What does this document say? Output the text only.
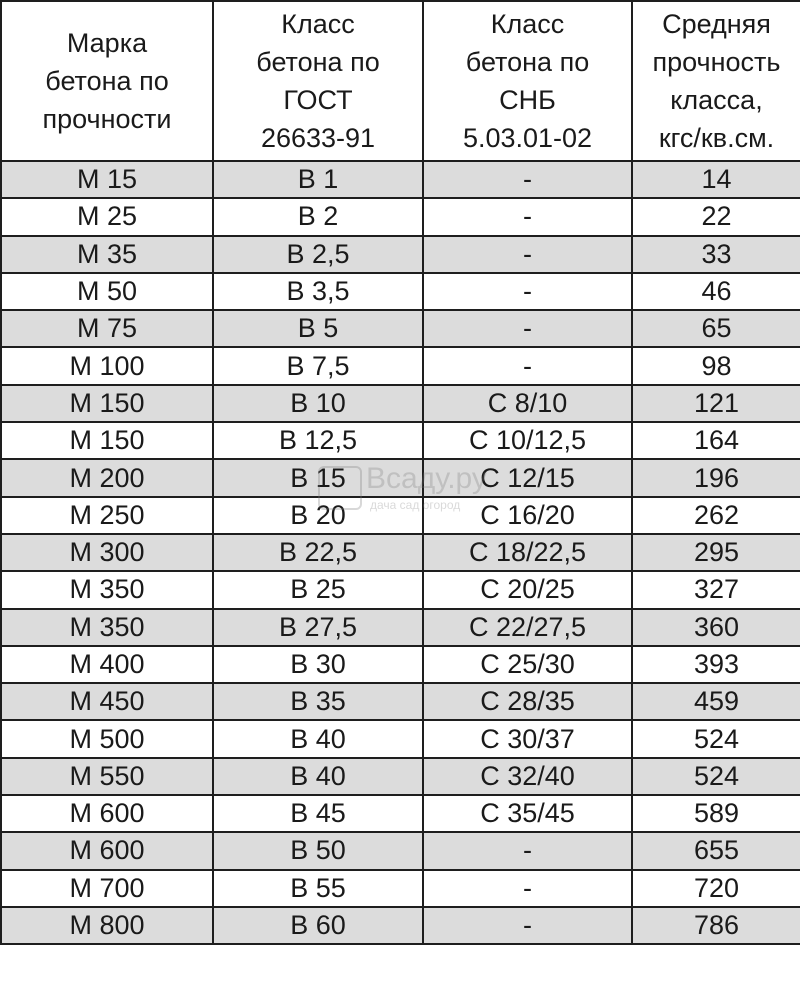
Марка
бетона по
прочности	Класс
бетона по
ГОСТ
26633-91	Класс
бетона по
СНБ
5.03.01-02	Средняя
прочность
класса,
кгс/кв.см.

М 15	В 1	-	14
М 25	В 2	-	22
М 35	В 2,5	-	33
М 50	В 3,5	-	46
М 75	В 5	-	65
М 100	В 7,5	-	98
М 150	В 10	С 8/10	121
М 150	В 12,5	С 10/12,5	164
М 200	В 15	С 12/15	196
М 250	В 20	С 16/20	262
М 300	В 22,5	С 18/22,5	295
М 350	В 25	С 20/25	327
М 350	В 27,5	С 22/27,5	360
М 400	В 30	С 25/30	393
М 450	В 35	С 28/35	459
М 500	В 40	С 30/37	524
М 550	В 40	С 32/40	524
М 600	В 45	С 35/45	589
М 600	В 50	-	655
М 700	В 55	-	720
М 800	В 60	-	786
Всаду.ру
дача сад огород
